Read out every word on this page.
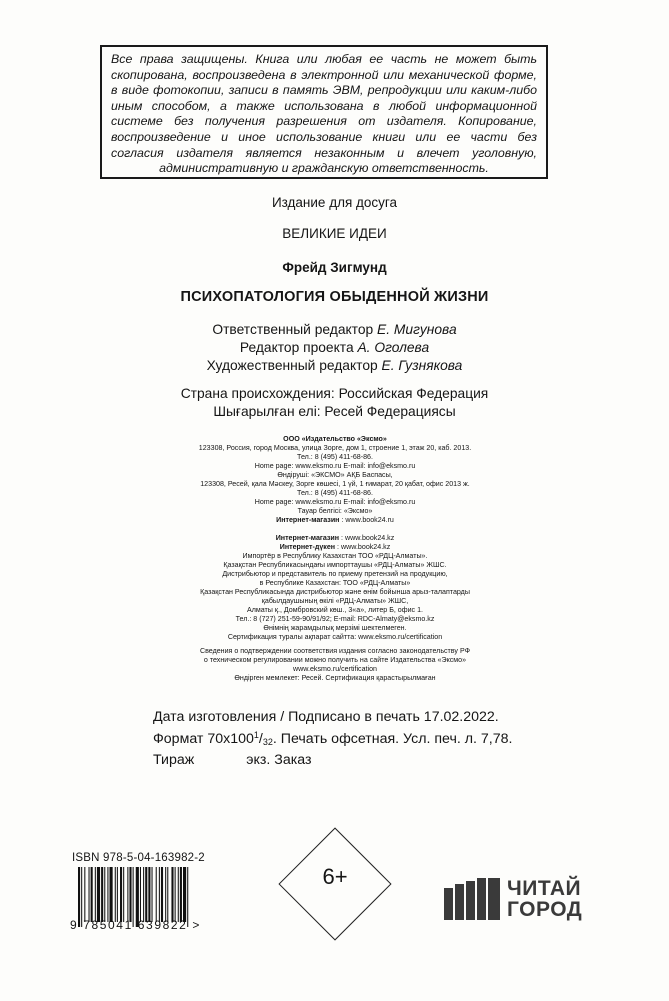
Все права защищены. Книга или любая ее часть не может быть скопирована, воспроизведена в электронной или механической форме, в виде фотокопии, записи в память ЭВМ, репродукции или каким-либо иным способом, а также использована в любой информационной системе без получения разрешения от издателя. Копирование, воспроизведение и иное использование книги или ее части без согласия издателя является незаконным и влечет уголовную, административную и гражданскую ответственность.
Издание для досуга
ВЕЛИКИЕ ИДЕИ
Фрейд Зигмунд
ПСИХОПАТОЛОГИЯ ОБЫДЕННОЙ ЖИЗНИ
Ответственный редактор Е. Мигунова
Редактор проекта А. Оголева
Художественный редактор Е. Гузнякова
Страна происхождения: Российская Федерация
Шығарылған елі: Ресей Федерациясы
ООО «Издательство «Эксмо»
123308, Россия, город Москва, улица Зорге, дом 1, строение 1, этаж 20, каб. 2013.
Тел.: 8 (495) 411-68-86.
Home page: www.eksmo.ru E-mail: info@eksmo.ru
Өндіруші: «ЭКСМО» АҚБ Баспасы,
123308, Ресей, қала Мәскеу, Зорге көшесі, 1 үй, 1 ғимарат, 20 қабат, офис 2013 ж.
Тел.: 8 (495) 411-68-86.
Home page: www.eksmo.ru E-mail: info@eksmo.ru
Тауар белгісі: «Эксмо»
Интернет-магазин : www.book24.ru
Интернет-магазин : www.book24.kz
Интернет-дүкен : www.book24.kz
Импортёр в Республику Казахстан ТОО «РДЦ-Алматы».
Қазақстан Республикасындағы импорттаушы «РДЦ-Алматы» ЖШС.
Дистрибьютор и представитель по приему претензий на продукцию,
в Республике Казахстан: ТОО «РДЦ-Алматы»
Қазақстан Республикасында дистрибьютор және өнім бойынша арыз-талаптарды
қабылдаушының өкілі «РДЦ-Алматы» ЖШС,
Алматы қ., Домбровский көш., 3«а», литер Б, офис 1.
Тел.: 8 (727) 251-59-90/91/92; E-mail: RDC-Almaty@eksmo.kz
Өнімнің жарамдылық мерзімі шектелмеген.
Сертификация туралы ақпарат сайтта: www.eksmo.ru/certification
Сведения о подтверждении соответствия издания согласно законодательству РФ
о техническом регулировании можно получить на сайте Издательства «Эксмо»
www.eksmo.ru/certification
Өндірген мемлекет: Ресей. Сертификация қарастырылмаған
Дата изготовления / Подписано в печать 17.02.2022.
Формат $70x100^1/_{32}$. Печать офсетная. Усл. печ. л. 7,78.
Тираж	экз. Заказ
ISBN 978-5-04-163982-2
9 785041 639822 >
6+	ЧИТАЙ
ГОРОД
